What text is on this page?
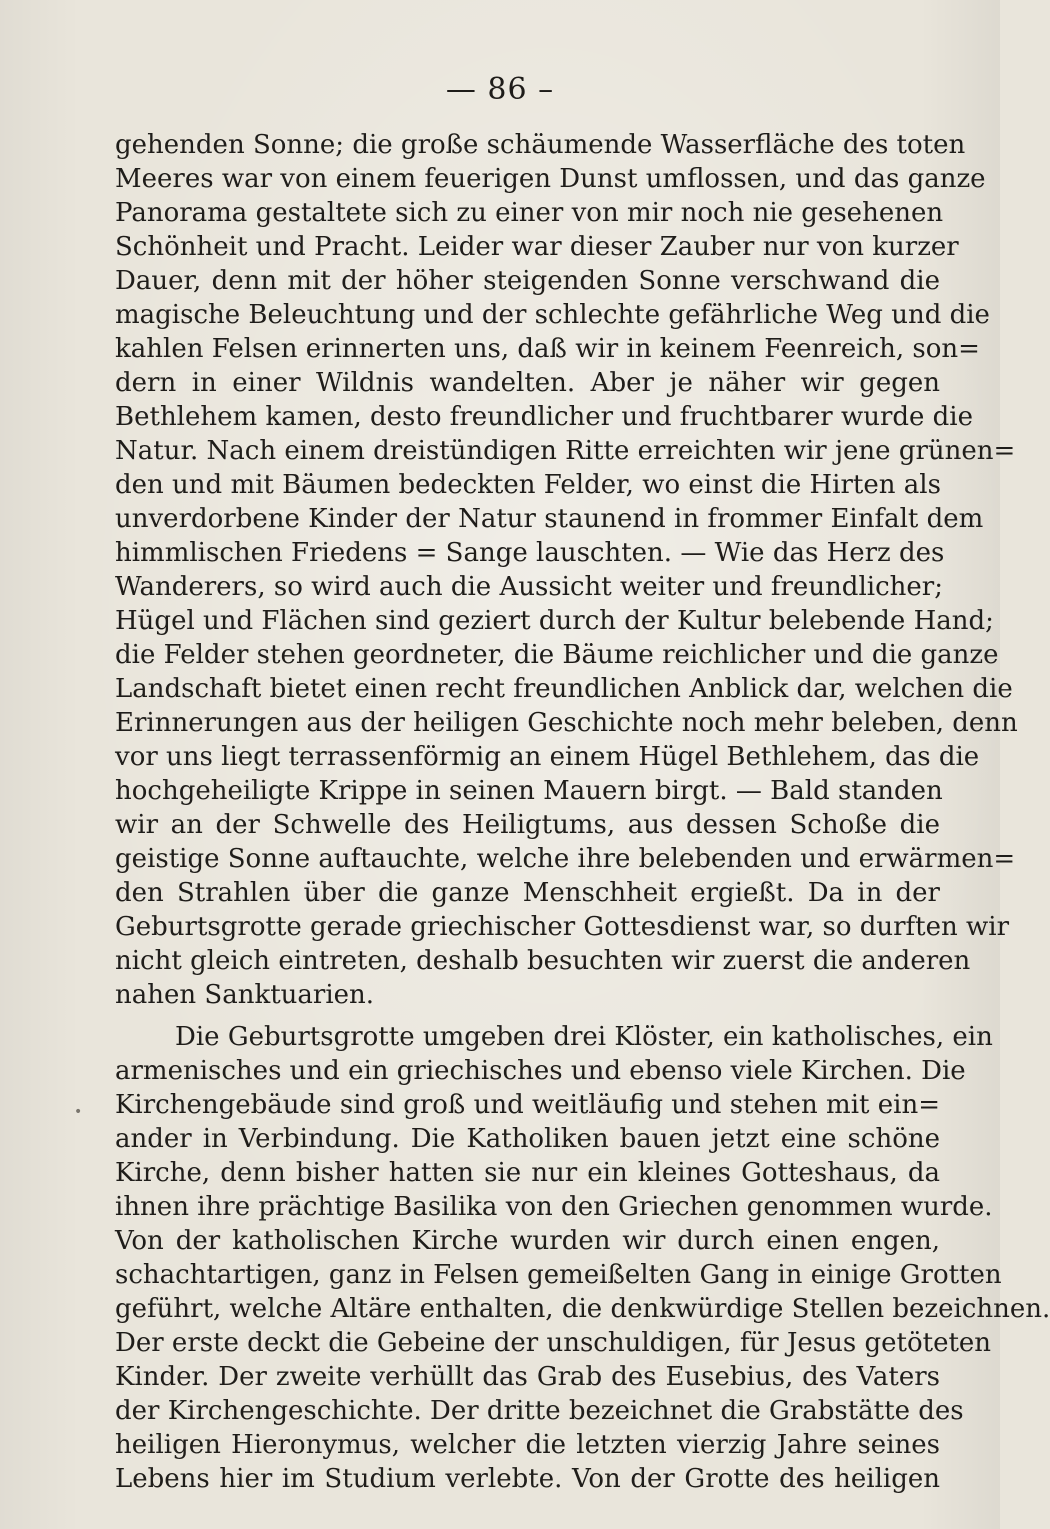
— 86 –
gehenden Sonne; die große schäumende Wasserfläche des toten
Meeres war von einem feuerigen Dunst umflossen, und das ganze
Panorama gestaltete sich zu einer von mir noch nie gesehenen
Schönheit und Pracht. Leider war dieser Zauber nur von kurzer
Dauer, denn mit der höher steigenden Sonne verschwand die
magische Beleuchtung und der schlechte gefährliche Weg und die
kahlen Felsen erinnerten uns, daß wir in keinem Feenreich, son=
dern in einer Wildnis wandelten. Aber je näher wir gegen
Bethlehem kamen, desto freundlicher und fruchtbarer wurde die
Natur. Nach einem dreistündigen Ritte erreichten wir jene grünen=
den und mit Bäumen bedeckten Felder, wo einst die Hirten als
unverdorbene Kinder der Natur staunend in frommer Einfalt dem
himmlischen Friedens = Sange lauschten. — Wie das Herz des
Wanderers, so wird auch die Aussicht weiter und freundlicher;
Hügel und Flächen sind geziert durch der Kultur belebende Hand;
die Felder stehen geordneter, die Bäume reichlicher und die ganze
Landschaft bietet einen recht freundlichen Anblick dar, welchen die
Erinnerungen aus der heiligen Geschichte noch mehr beleben, denn
vor uns liegt terrassenförmig an einem Hügel Bethlehem, das die
hochgeheiligte Krippe in seinen Mauern birgt. — Bald standen
wir an der Schwelle des Heiligtums, aus dessen Schoße die
geistige Sonne auftauchte, welche ihre belebenden und erwärmen=
den Strahlen über die ganze Menschheit ergießt. Da in der
Geburtsgrotte gerade griechischer Gottesdienst war, so durften wir
nicht gleich eintreten, deshalb besuchten wir zuerst die anderen
nahen Sanktuarien.
Die Geburtsgrotte umgeben drei Klöster, ein katholisches, ein
armenisches und ein griechisches und ebenso viele Kirchen. Die
Kirchengebäude sind groß und weitläufig und stehen mit ein=
ander in Verbindung. Die Katholiken bauen jetzt eine schöne
Kirche, denn bisher hatten sie nur ein kleines Gotteshaus, da
ihnen ihre prächtige Basilika von den Griechen genommen wurde.
Von der katholischen Kirche wurden wir durch einen engen,
schachtartigen, ganz in Felsen gemeißelten Gang in einige Grotten
geführt, welche Altäre enthalten, die denkwürdige Stellen bezeichnen.
Der erste deckt die Gebeine der unschuldigen, für Jesus getöteten
Kinder. Der zweite verhüllt das Grab des Eusebius, des Vaters
der Kirchengeschichte. Der dritte bezeichnet die Grabstätte des
heiligen Hieronymus, welcher die letzten vierzig Jahre seines
Lebens hier im Studium verlebte. Von der Grotte des heiligen
•
